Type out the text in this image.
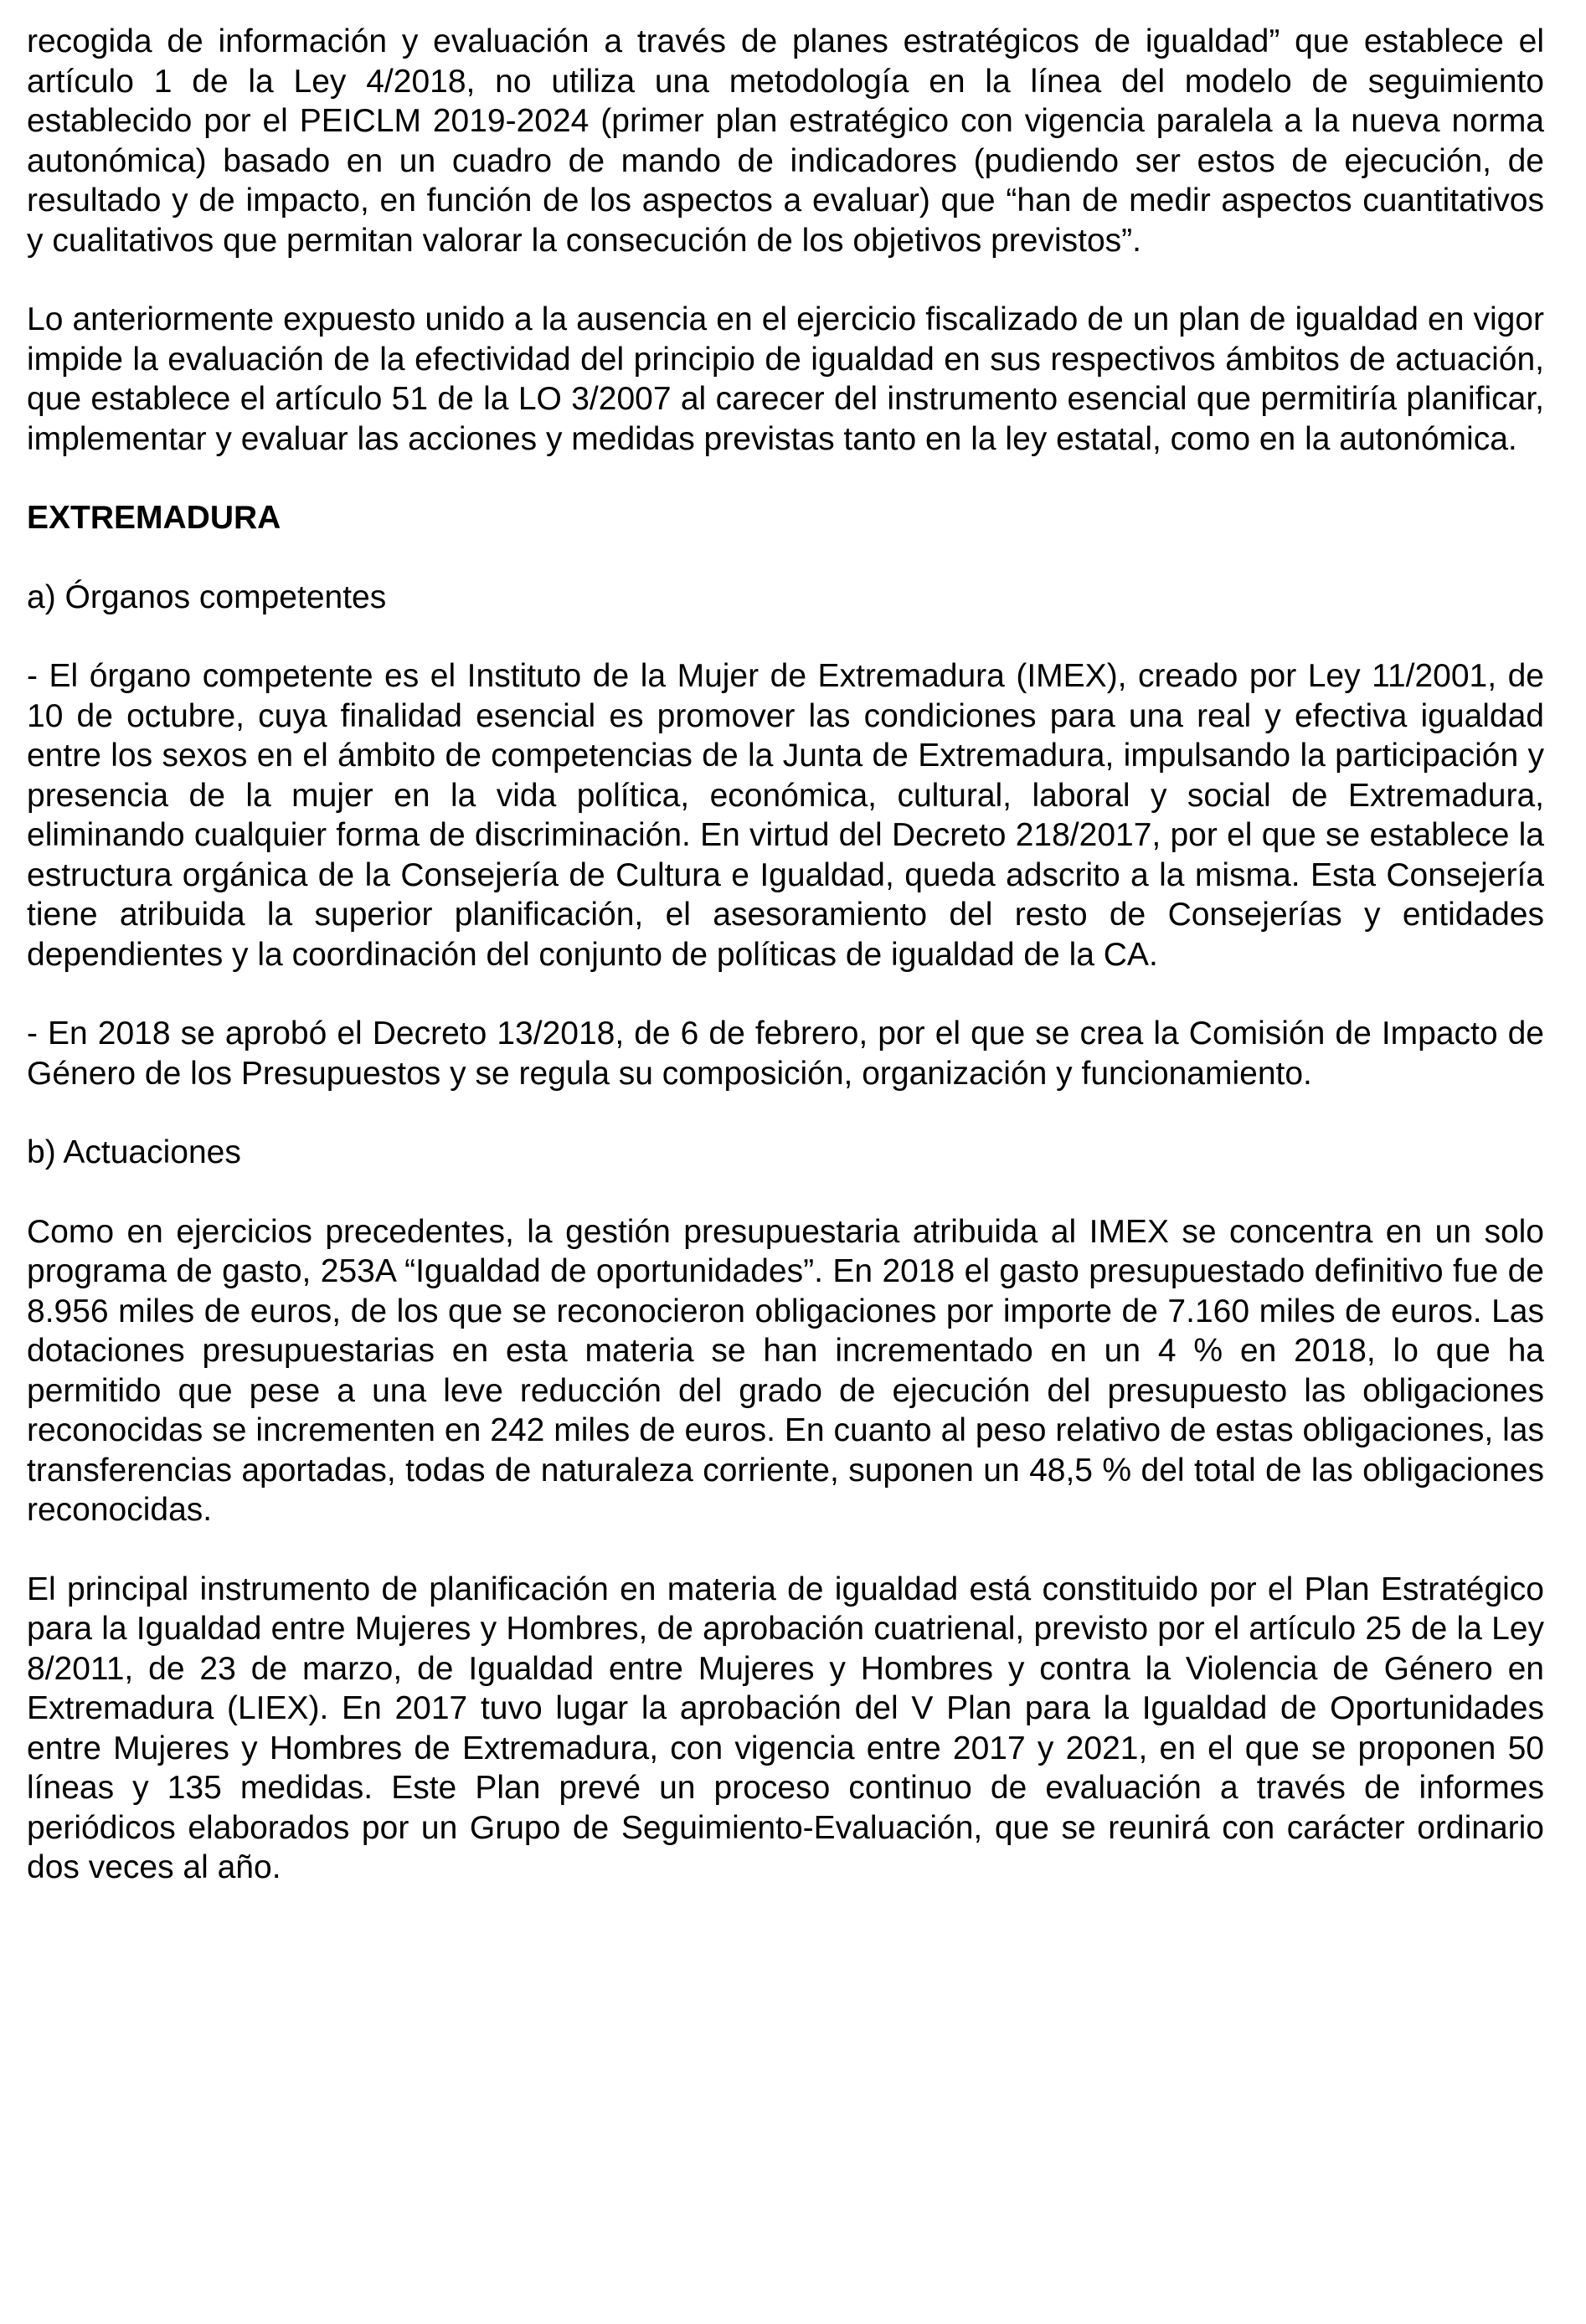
recogida de información y evaluación a través de planes estratégicos de igualdad” que establece el artículo 1 de la Ley 4/2018, no utiliza una metodología en la línea del modelo de seguimiento establecido por el PEICLM 2019-2024 (primer plan estratégico con vigencia paralela a la nueva norma autonómica) basado en un cuadro de mando de indicadores (pudiendo ser estos de ejecución, de resultado y de impacto, en función de los aspectos a evaluar) que “han de medir aspectos cuantitativos y cualitativos que permitan valorar la consecución de los objetivos previstos”.

Lo anteriormente expuesto unido a la ausencia en el ejercicio fiscalizado de un plan de igualdad en vigor impide la evaluación de la efectividad del principio de igualdad en sus respectivos ámbitos de actuación, que establece el artículo 51 de la LO 3/2007 al carecer del instrumento esencial que permitiría planificar, implementar y evaluar las acciones y medidas previstas tanto en la ley estatal, como en la autonómica.

EXTREMADURA

a) Órganos competentes

- El órgano competente es el Instituto de la Mujer de Extremadura (IMEX), creado por Ley 11/2001, de 10 de octubre, cuya finalidad esencial es promover las condiciones para una real y efectiva igualdad entre los sexos en el ámbito de competencias de la Junta de Extremadura, impulsando la participación y presencia de la mujer en la vida política, económica, cultural, laboral y social de Extremadura, eliminando cualquier forma de discriminación. En virtud del Decreto 218/2017, por el que se establece la estructura orgánica de la Consejería de Cultura e Igualdad, queda adscrito a la misma. Esta Consejería tiene atribuida la superior planificación, el asesoramiento del resto de Consejerías y entidades dependientes y la coordinación del conjunto de políticas de igualdad de la CA.

- En 2018 se aprobó el Decreto 13/2018, de 6 de febrero, por el que se crea la Comisión de Impacto de Género de los Presupuestos y se regula su composición, organización y funcionamiento.

b) Actuaciones

Como en ejercicios precedentes, la gestión presupuestaria atribuida al IMEX se concentra en un solo programa de gasto, 253A “Igualdad de oportunidades”. En 2018 el gasto presupuestado definitivo fue de 8.956 miles de euros, de los que se reconocieron obligaciones por importe de 7.160 miles de euros. Las dotaciones presupuestarias en esta materia se han incrementado en un 4 % en 2018, lo que ha permitido que pese a una leve reducción del grado de ejecución del presupuesto las obligaciones reconocidas se incrementen en 242 miles de euros. En cuanto al peso relativo de estas obligaciones, las transferencias aportadas, todas de naturaleza corriente, suponen un 48,5 % del total de las obligaciones reconocidas.

El principal instrumento de planificación en materia de igualdad está constituido por el Plan Estratégico para la Igualdad entre Mujeres y Hombres, de aprobación cuatrienal, previsto por el artículo 25 de la Ley 8/2011, de 23 de marzo, de Igualdad entre Mujeres y Hombres y contra la Violencia de Género en Extremadura (LIEX). En 2017 tuvo lugar la aprobación del V Plan para la Igualdad de Oportunidades entre Mujeres y Hombres de Extremadura, con vigencia entre 2017 y 2021, en el que se proponen 50 líneas y 135 medidas. Este Plan prevé un proceso continuo de evaluación a través de informes periódicos elaborados por un Grupo de Seguimiento-Evaluación, que se reunirá con carácter ordinario dos veces al año.
